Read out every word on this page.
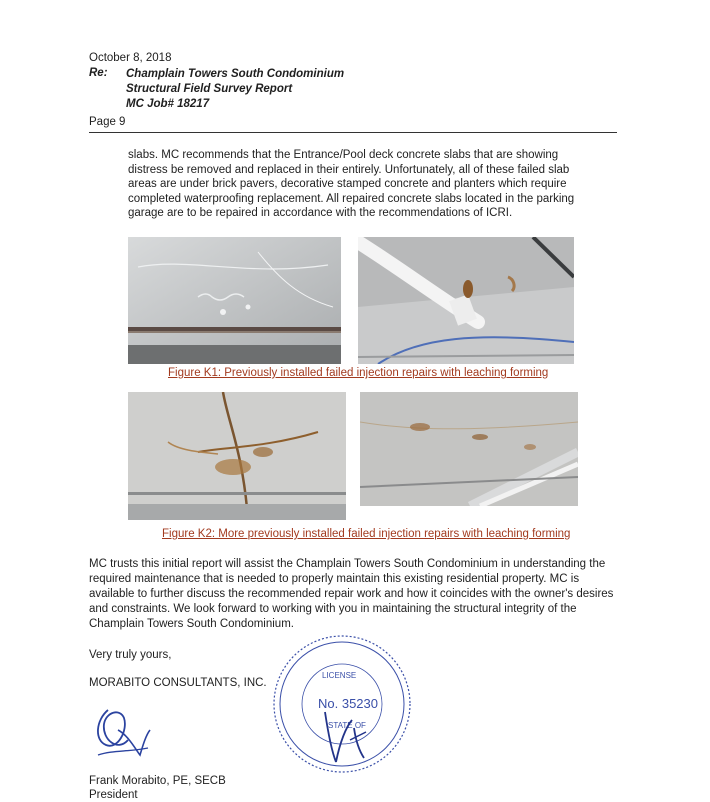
October 8, 2018
Re: Champlain Towers South Condominium
Structural Field Survey Report
MC Job# 18217
Page 9
slabs. MC recommends that the Entrance/Pool deck concrete slabs that are showing distress be removed and replaced in their entirely. Unfortunately, all of these failed slab areas are under brick pavers, decorative stamped concrete and planters which require completed waterproofing replacement. All repaired concrete slabs located in the parking garage are to be repaired in accordance with the recommendations of ICRI.
Figure K1: Previously installed failed injection repairs with leaching forming
Figure K2: More previously installed failed injection repairs with leaching forming
MC trusts this initial report will assist the Champlain Towers South Condominium in understanding the required maintenance that is needed to properly maintain this existing residential property. MC is available to further discuss the recommended repair work and how it coincides with the owner's desires and constraints. We look forward to working with you in maintaining the structural integrity of the Champlain Towers South Condominium.
Very truly yours,
MORABITO CONSULTANTS, INC.
LICENSE
No. 35230
STATE OF
Frank Morabito, PE, SECB
President
